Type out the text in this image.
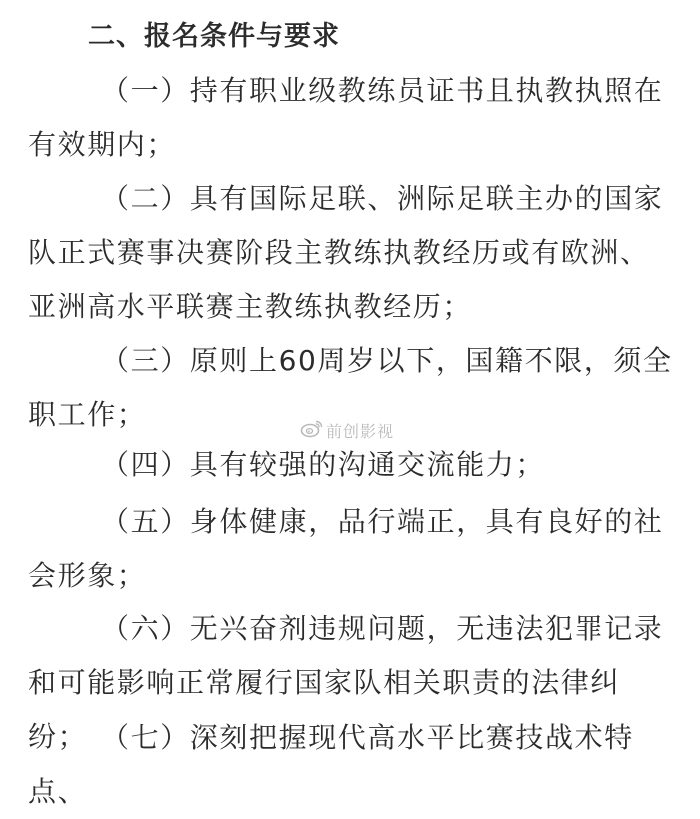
二、报名条件与要求
（一）持有职业级教练员证书且执教执照在有效期内；
（二）具有国际足联、洲际足联主办的国家队正式赛事决赛阶段主教练执教经历或有欧洲、亚洲高水平联赛主教练执教经历；
（三）原则上60周岁以下，国籍不限，须全职工作；
（四）具有较强的沟通交流能力；
（五）身体健康，品行端正，具有良好的社会形象；
（六）无兴奋剂违规问题，无违法犯罪记录和可能影响正常履行国家队相关职责的法律纠纷； （七）深刻把握现代高水平比赛技战术特点、
前创影视
